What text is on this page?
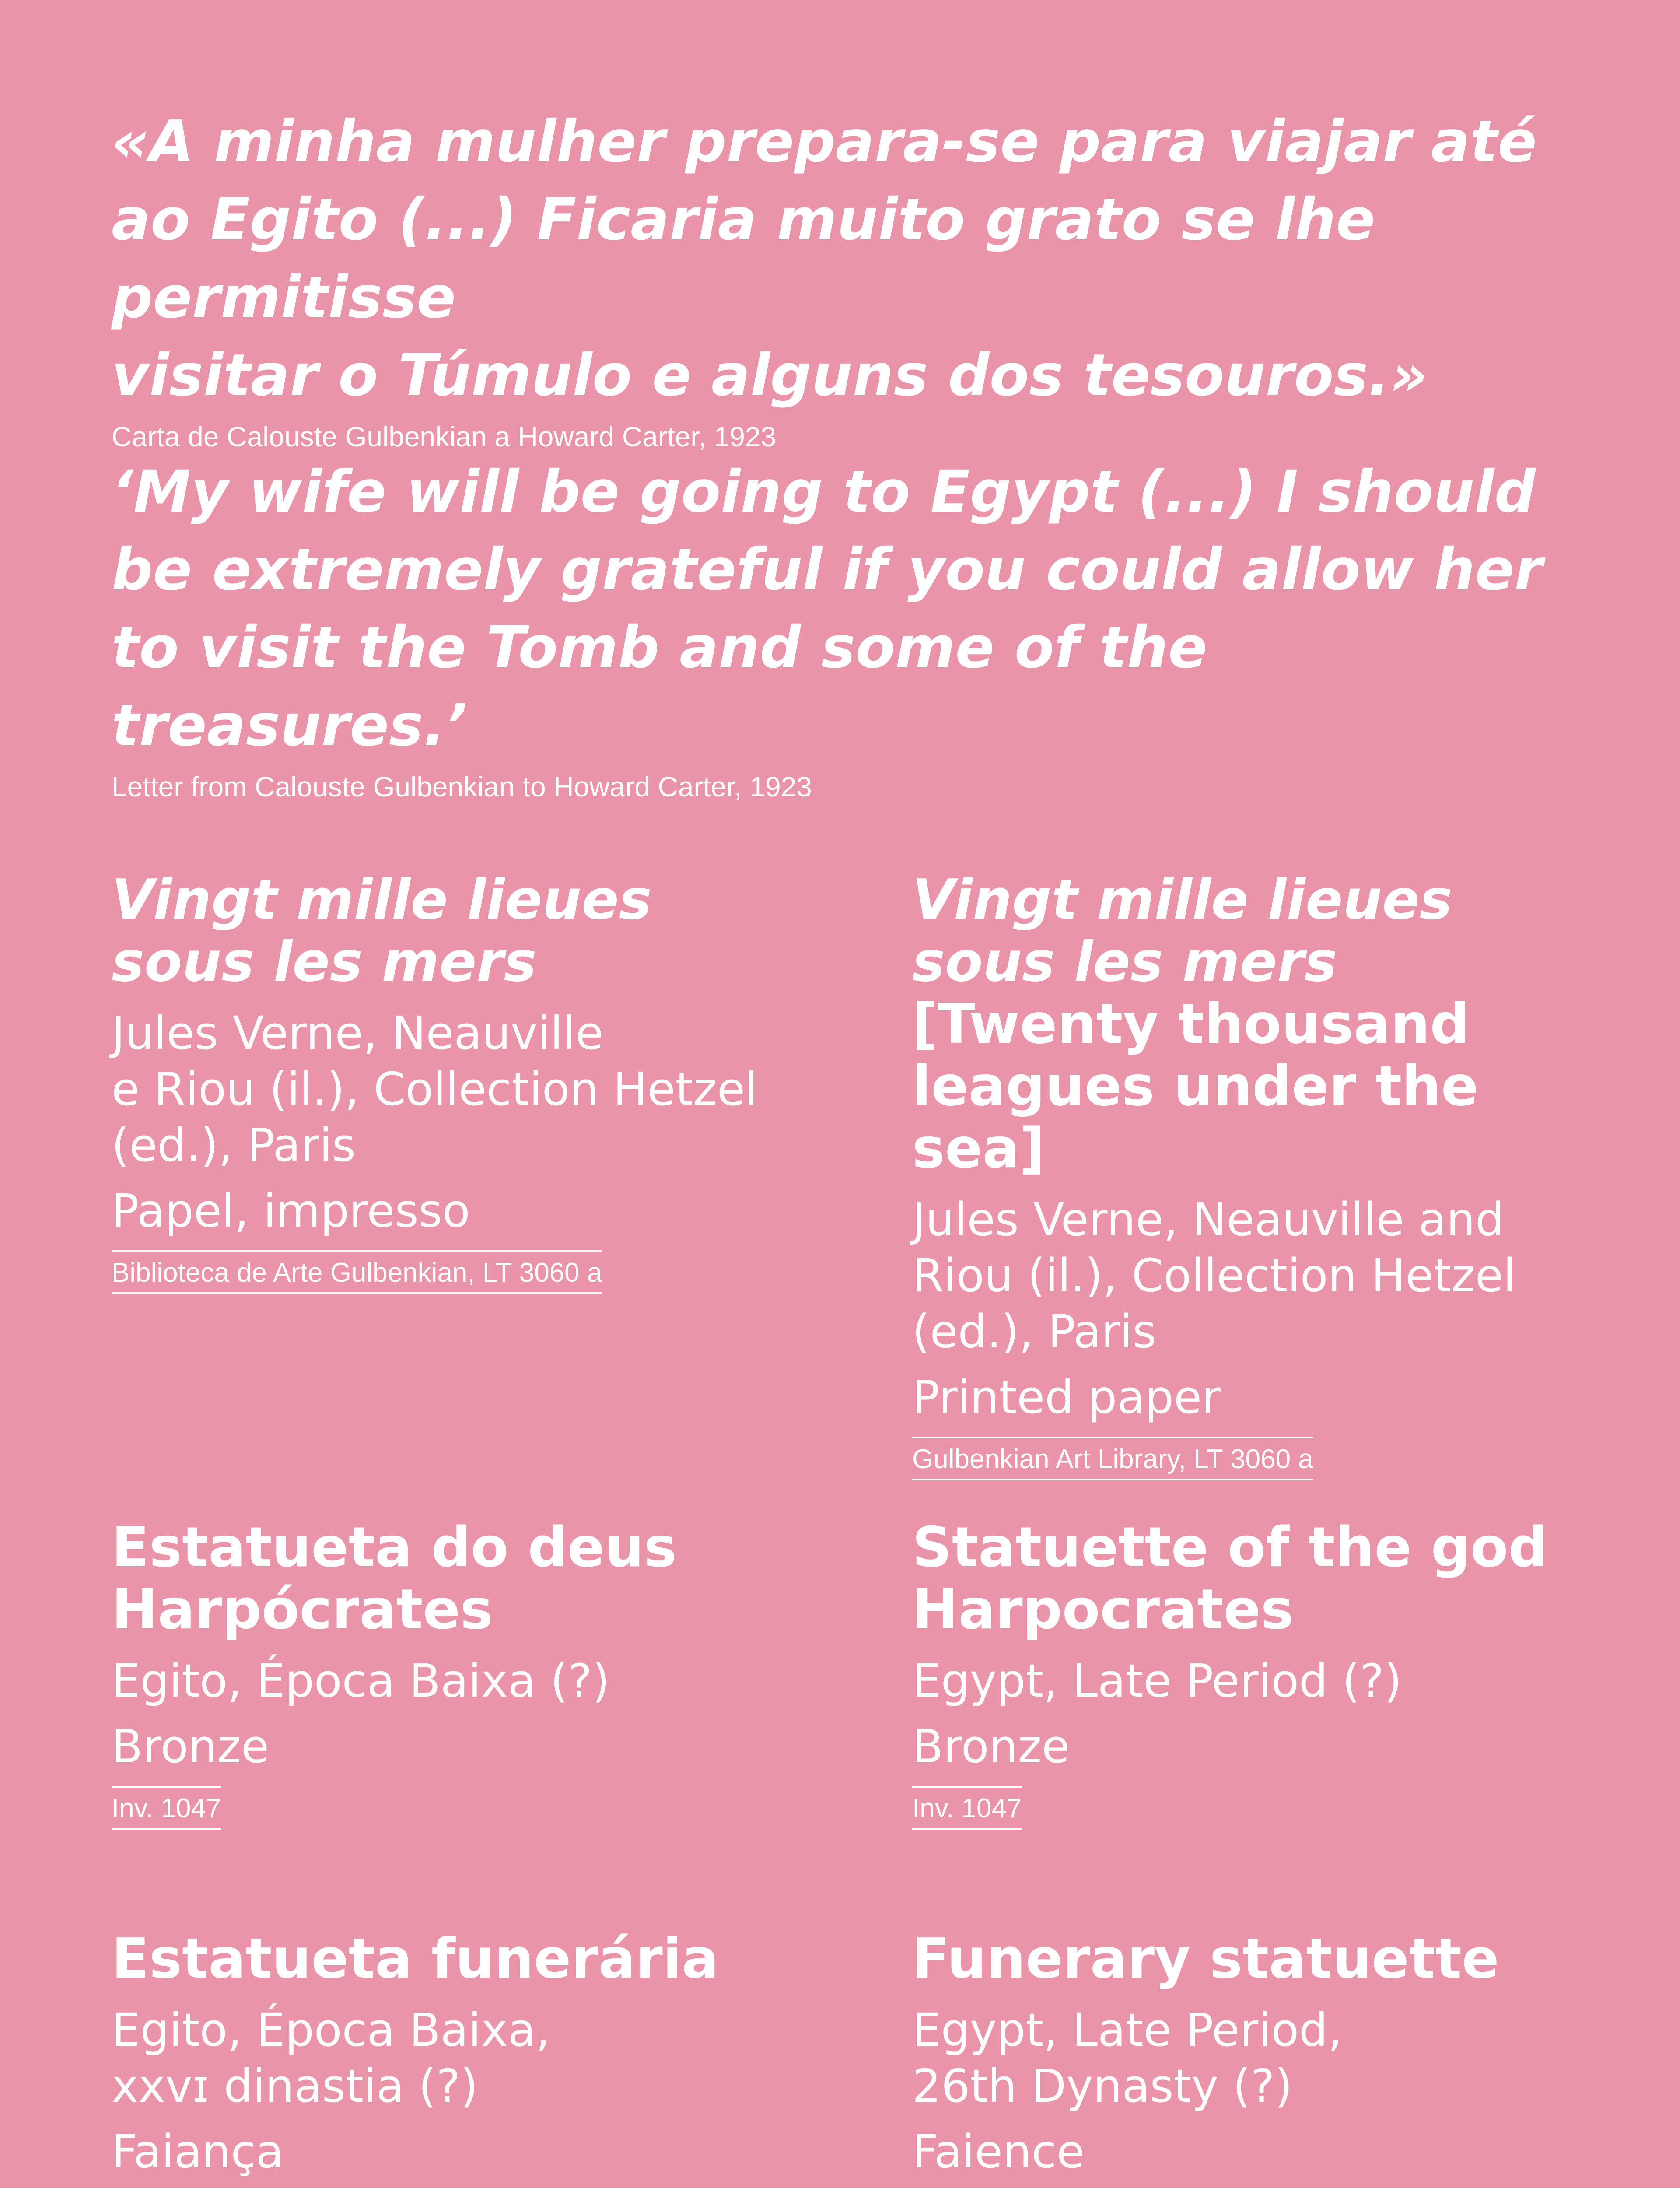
«A minha mulher prepara-se para viajar até
ao Egito (...) Ficaria muito grato se lhe permitisse
visitar o Túmulo e alguns dos tesouros.»

Carta de Calouste Gulbenkian a Howard Carter, 1923

‘My wife will be going to Egypt (...) I should
be extremely grateful if you could allow her
to visit the Tomb and some of the treasures.’

Letter from Calouste Gulbenkian to Howard Carter, 1923

Vingt mille lieues sous les mers

Jules Verne, Neauville
e Riou (il.), Collection Hetzel
(ed.), Paris

Papel, impresso

Biblioteca de Arte Gulbenkian, LT 3060 a

Vingt mille lieues sous les mers [Twenty thousand leagues under the sea]

Jules Verne, Neauville and
Riou (il.), Collection Hetzel
(ed.), Paris

Printed paper

Gulbenkian Art Library, LT 3060 a

Estatueta do deus Harpócrates

Egito, Época Baixa (?)

Bronze

Inv. 1047

Statuette of the god Harpocrates

Egypt, Late Period (?)

Bronze

Inv. 1047

Estatueta funerária

Egito, Época Baixa,
xxvɪ dinastia (?)

Faiança

Funerary statuette

Egypt, Late Period,
26th Dynasty (?)

Faience
